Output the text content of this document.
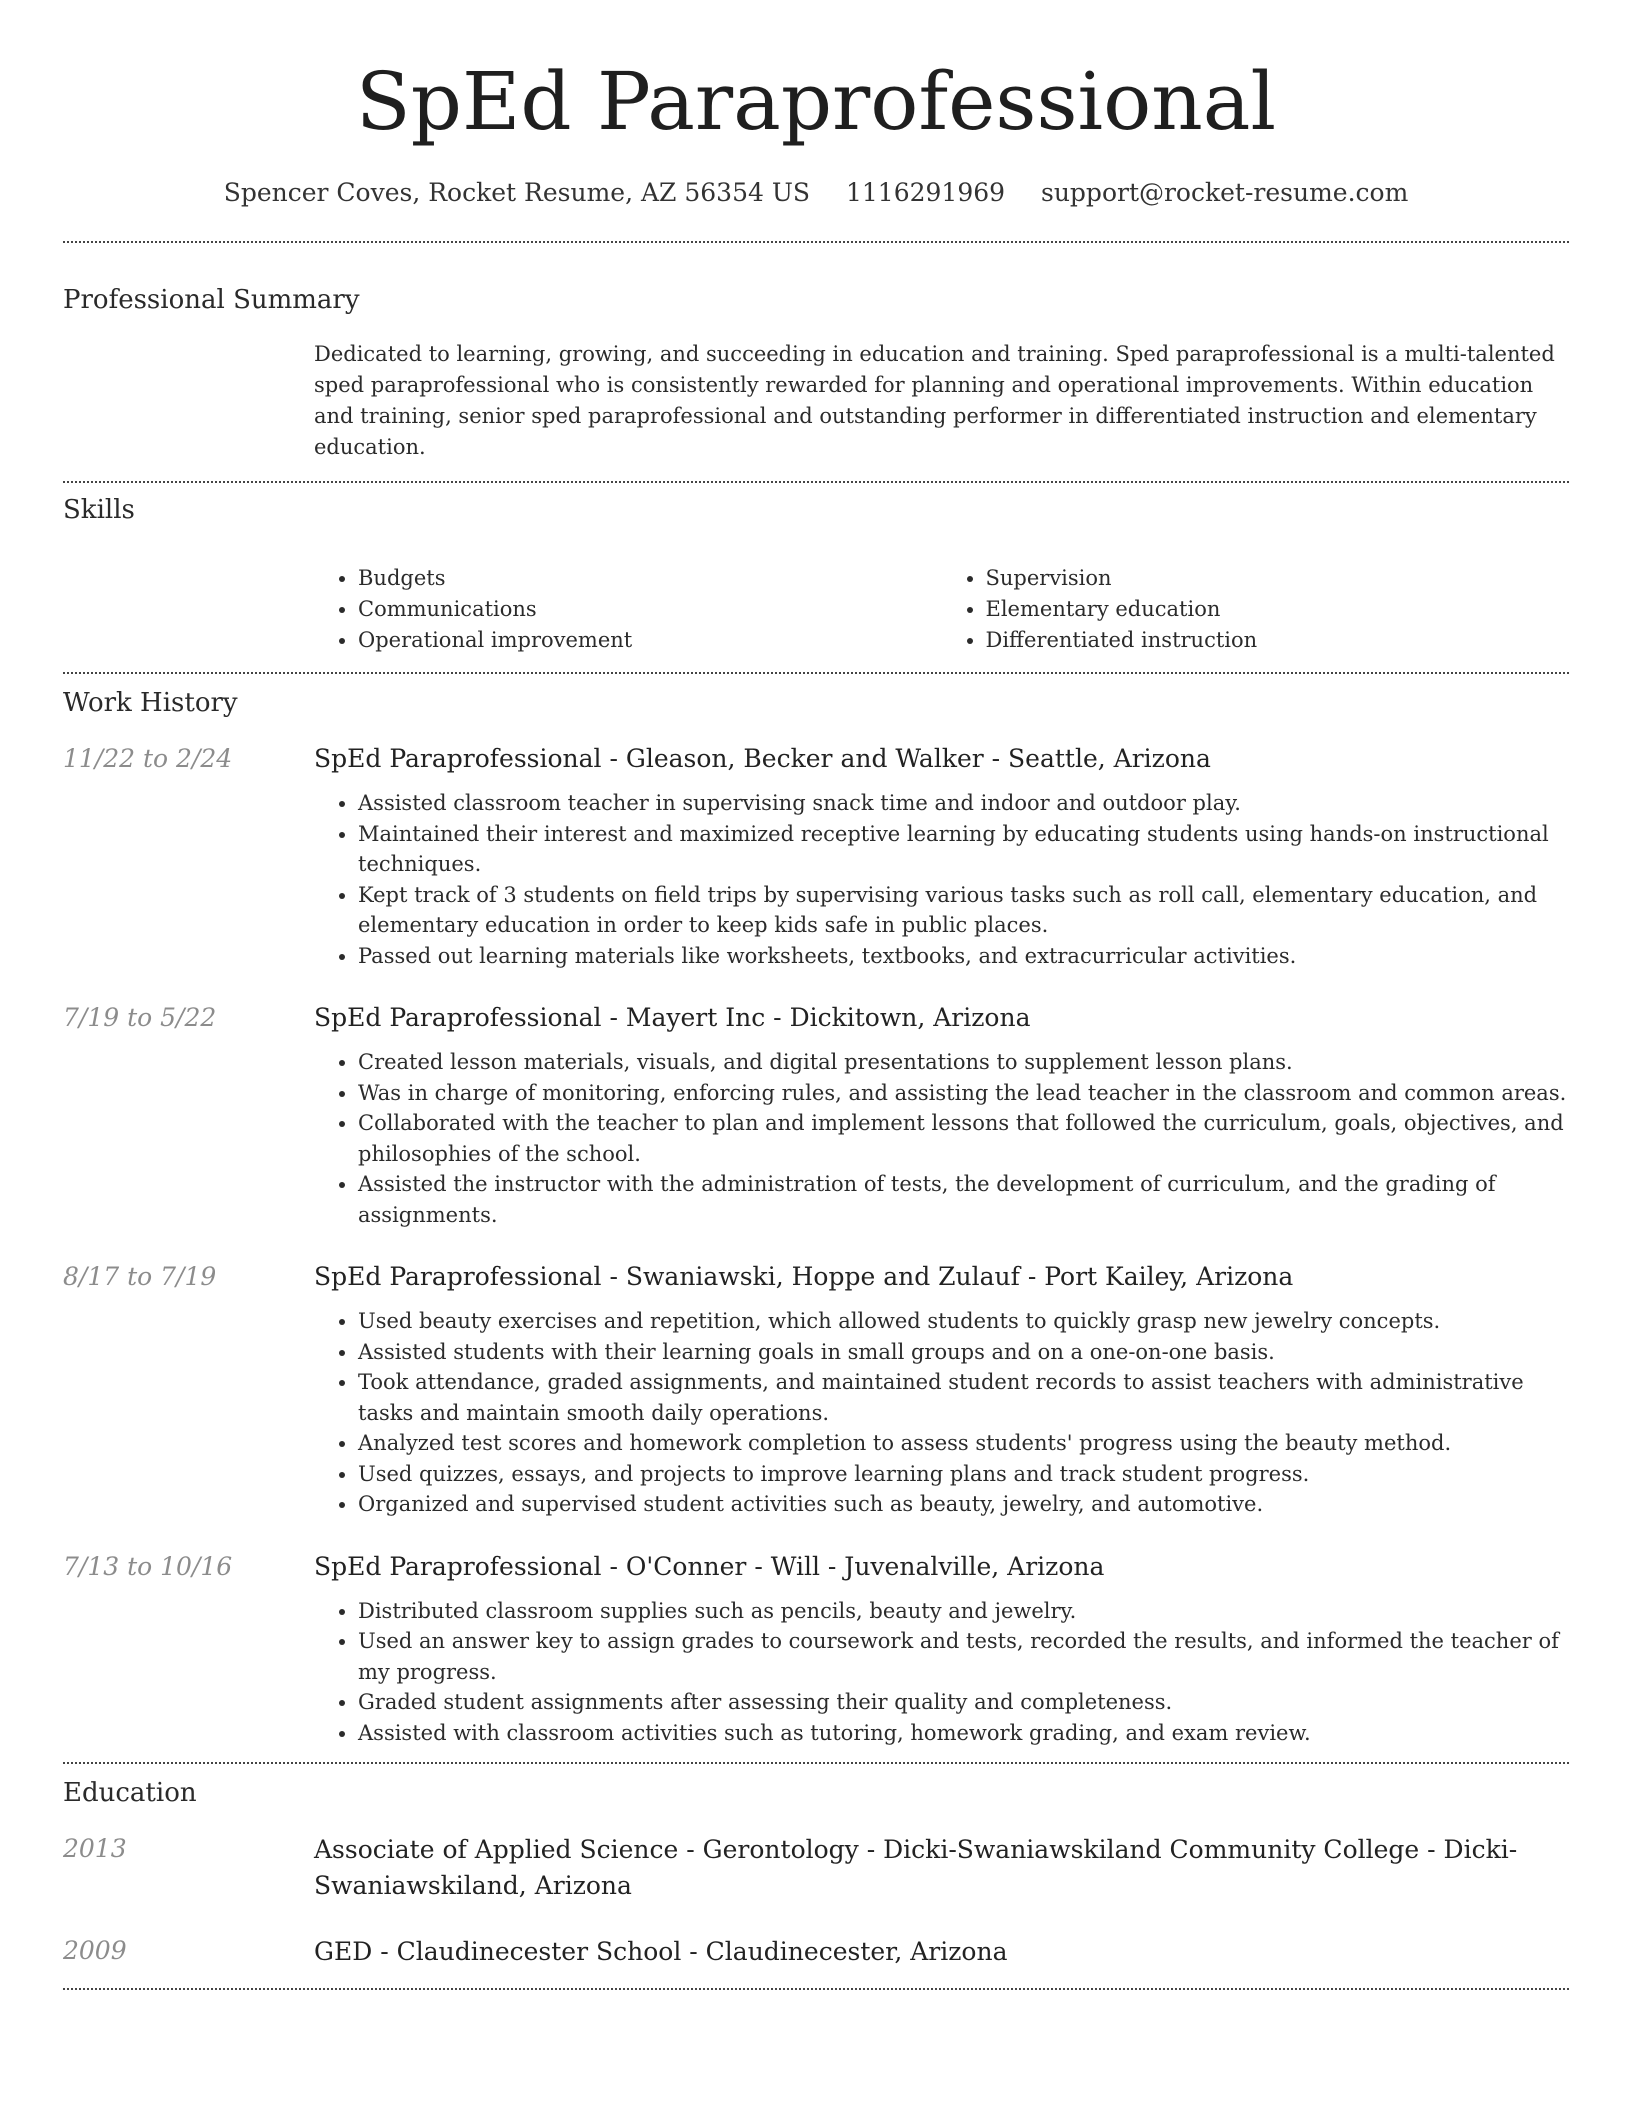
SpEd Paraprofessional
Spencer Coves, Rocket Resume, AZ 56354 US 1116291969 support@rocket-resume.com
Professional Summary

Dedicated to learning, growing, and succeeding in education and training. Sped paraprofessional is a multi-talented sped paraprofessional who is consistently rewarded for planning and operational improvements. Within education and training, senior sped paraprofessional and outstanding performer in differentiated instruction and elementary education.

Skills
• Budgets
• Communications
• Operational improvement
• Supervision
• Elementary education
• Differentiated instruction
Work History
11/22 to 2/24	SpEd Paraprofessional - Gleason, Becker and Walker - Seattle, Arizona
• Assisted classroom teacher in supervising snack time and indoor and outdoor play.
• Maintained their interest and maximized receptive learning by educating students using hands-on instructional techniques.
• Kept track of 3 students on field trips by supervising various tasks such as roll call, elementary education, and elementary education in order to keep kids safe in public places.
• Passed out learning materials like worksheets, textbooks, and extracurricular activities.
7/19 to 5/22	SpEd Paraprofessional - Mayert Inc - Dickitown, Arizona
• Created lesson materials, visuals, and digital presentations to supplement lesson plans.
• Was in charge of monitoring, enforcing rules, and assisting the lead teacher in the classroom and common areas.
• Collaborated with the teacher to plan and implement lessons that followed the curriculum, goals, objectives, and philosophies of the school.
• Assisted the instructor with the administration of tests, the development of curriculum, and the grading of assignments.
8/17 to 7/19	SpEd Paraprofessional - Swaniawski, Hoppe and Zulauf - Port Kailey, Arizona
• Used beauty exercises and repetition, which allowed students to quickly grasp new jewelry concepts.
• Assisted students with their learning goals in small groups and on a one-on-one basis.
• Took attendance, graded assignments, and maintained student records to assist teachers with administrative tasks and maintain smooth daily operations.
• Analyzed test scores and homework completion to assess students' progress using the beauty method.
• Used quizzes, essays, and projects to improve learning plans and track student progress.
• Organized and supervised student activities such as beauty, jewelry, and automotive.
7/13 to 10/16	SpEd Paraprofessional - O'Conner - Will - Juvenalville, Arizona
• Distributed classroom supplies such as pencils, beauty and jewelry.
• Used an answer key to assign grades to coursework and tests, recorded the results, and informed the teacher of my progress.
• Graded student assignments after assessing their quality and completeness.
• Assisted with classroom activities such as tutoring, homework grading, and exam review.
Education
2013	Associate of Applied Science - Gerontology - Dicki-Swaniawskiland Community College - Dicki-Swaniawskiland, Arizona
2009	GED - Claudinecester School - Claudinecester, Arizona
